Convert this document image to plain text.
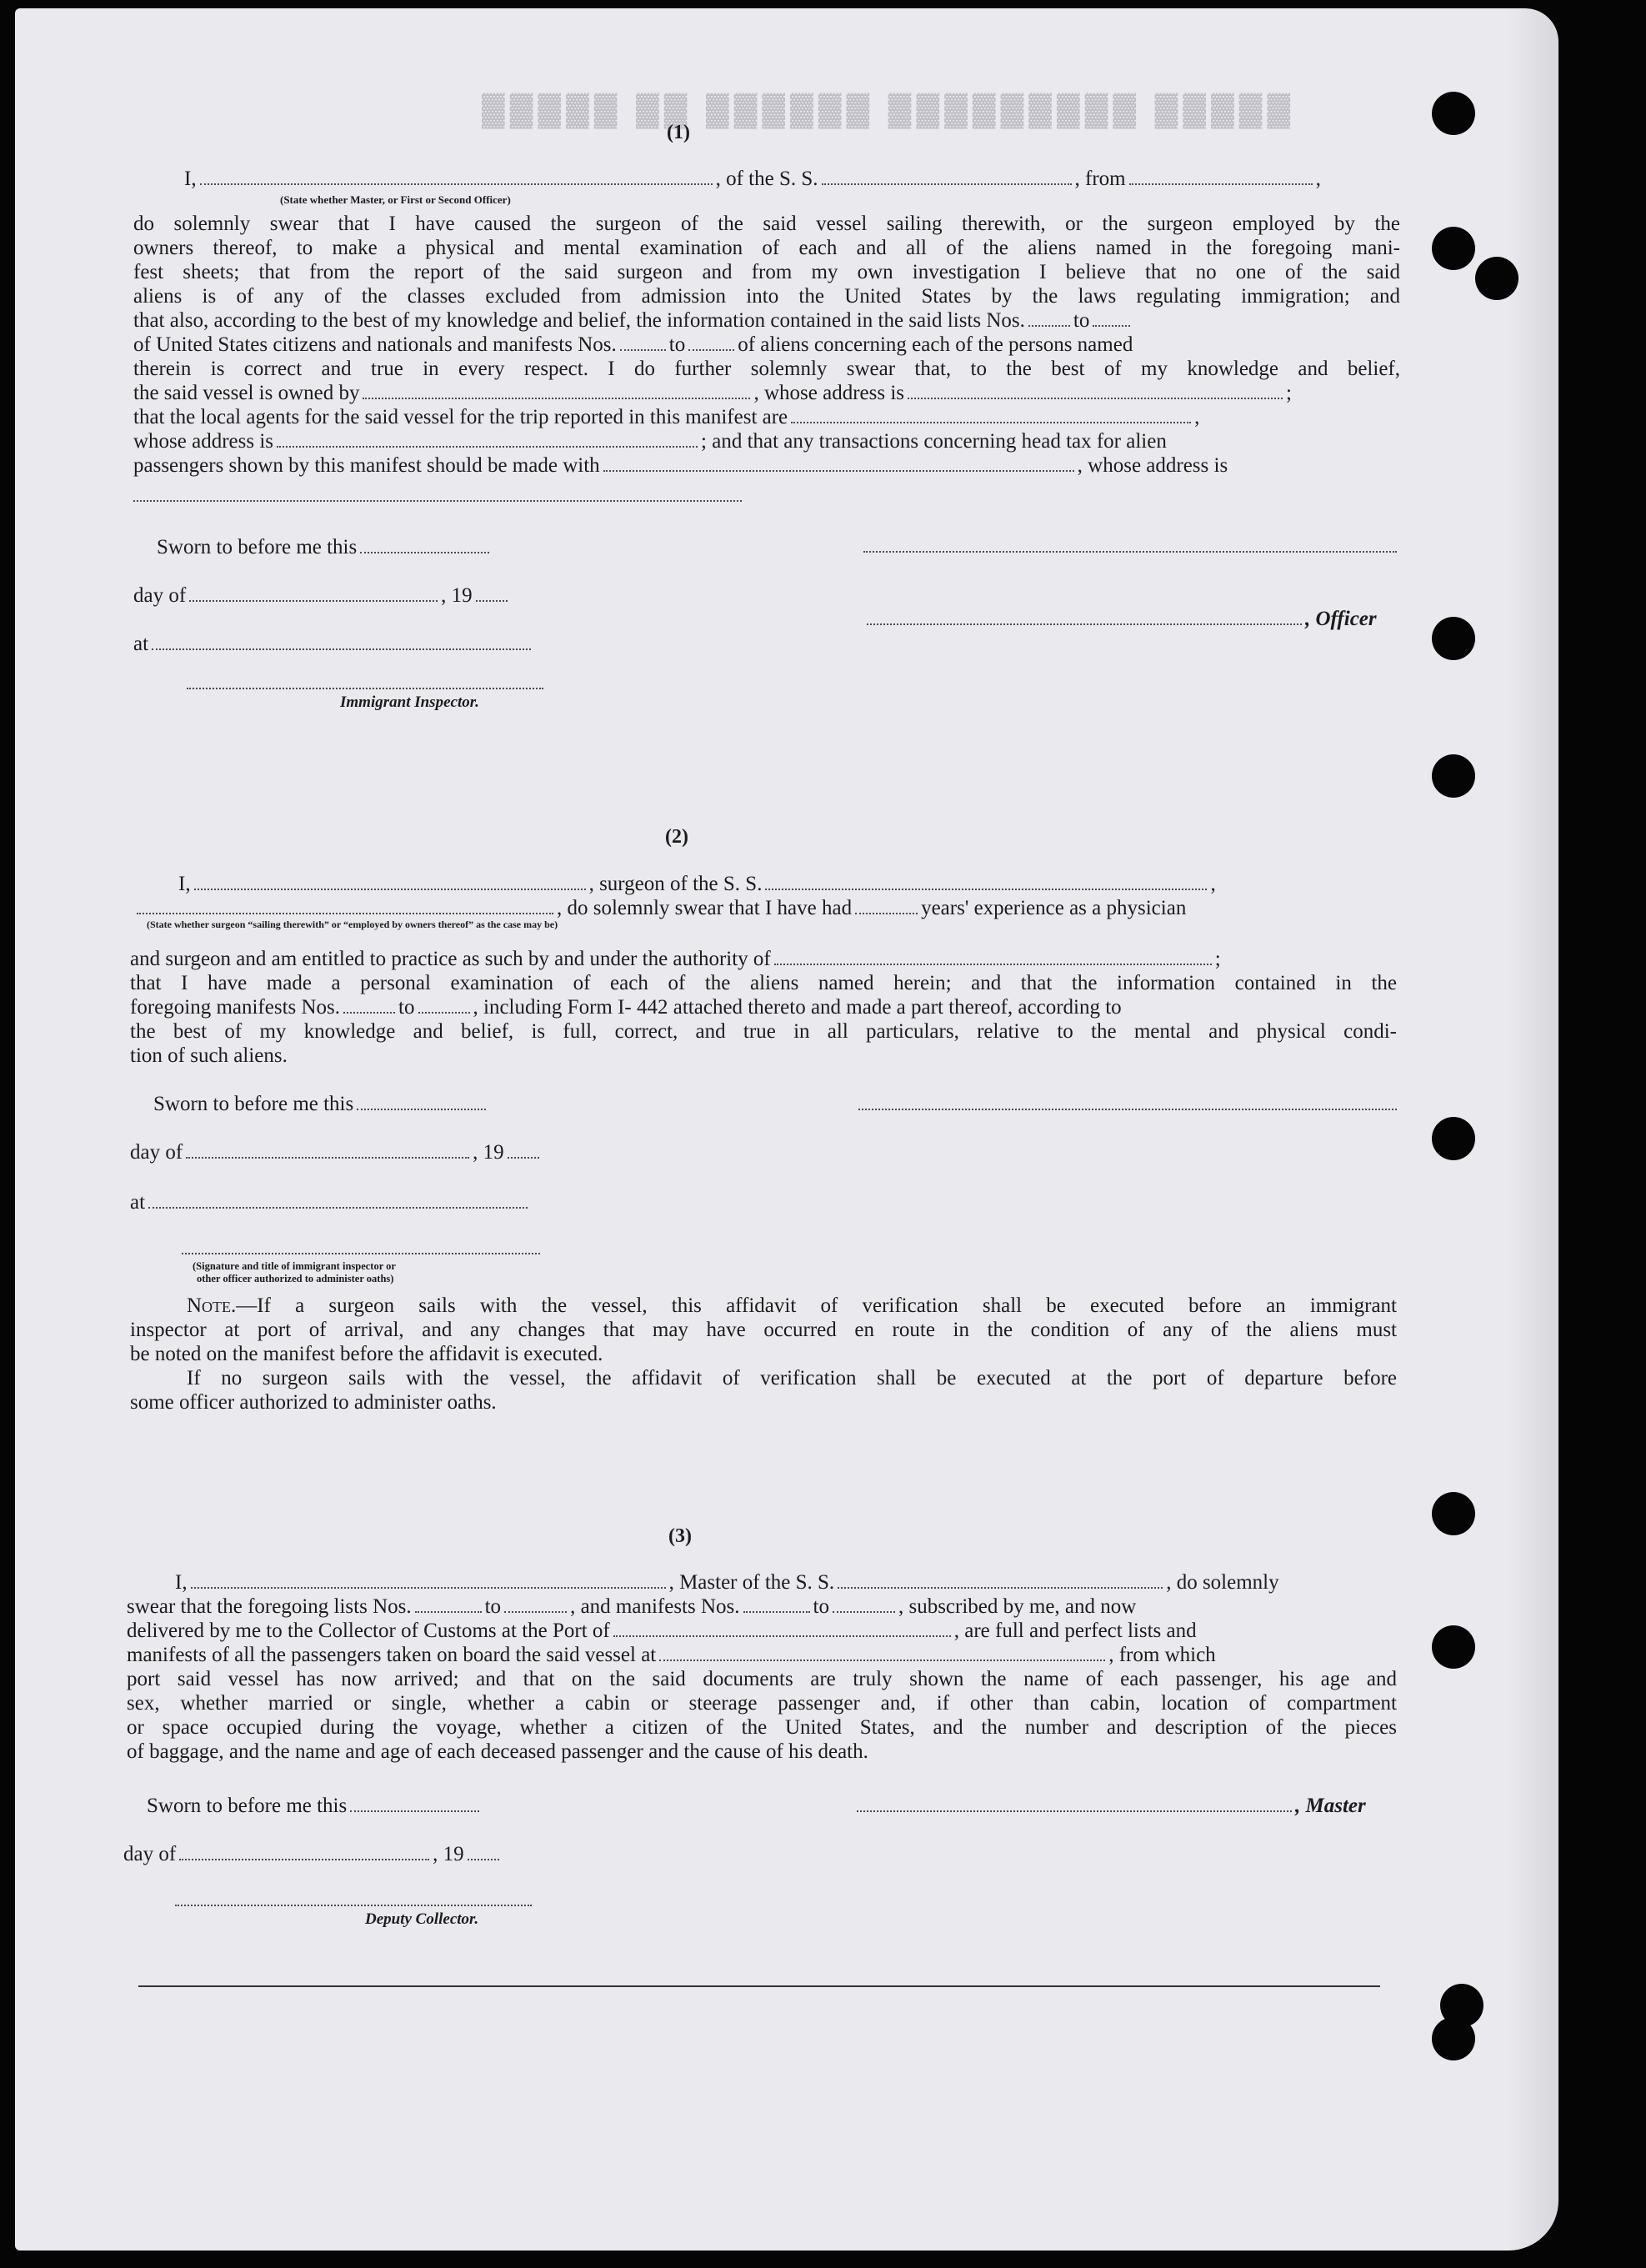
▓▓▓▓▓ ▓▓ ▓▓▓▓▓▓ ▓▓▓▓▓▓▓▓▓ ▓▓▓▓▓
(1)
I,	, of the S. S.	, from	,
(State whether Master, or First or Second Officer)
do solemnly swear that I have caused the surgeon of the said vessel sailing therewith, or the surgeon employed by the
owners thereof, to make a physical and mental examination of each and all of the aliens named in the foregoing mani-
fest sheets; that from the report of the said surgeon and from my own investigation I believe that no one of the said
aliens is of any of the classes excluded from admission into the United States by the laws regulating immigration; and
that also, according to the best of my knowledge and belief, the information contained in the said lists Nos. to
of United States citizens and nationals and manifests Nos.	to	of aliens concerning each of the persons named
therein is correct and true in every respect. I do further solemnly swear that, to the best of my knowledge and belief,
the said vessel is owned by	, whose address is	;
that the local agents for the said vessel for the trip reported in this manifest are	,
whose address is	; and that any transactions concerning head tax for alien
passengers shown by this manifest should be made with	, whose address is
Sworn to before me this
day of	, 19
, Officer
at
Immigrant Inspector.
(2)
I,	, surgeon of the S. S.	,
, do solemnly swear that I have had	years' experience as a physician
(State whether surgeon “sailing therewith” or “employed by owners thereof” as the case may be)
and surgeon and am entitled to practice as such by and under the authority of	;
that I have made a personal examination of each of the aliens named herein; and that the information contained in the
foregoing manifests Nos.	to	, including Form I- 442 attached thereto and made a part thereof, according to
the best of my knowledge and belief, is full, correct, and true in all particulars, relative to the mental and physical condi-
tion of such aliens.
Sworn to before me this
day of	, 19
at
(Signature and title of immigrant inspector or
other officer authorized to administer oaths)
Note.—If a surgeon sails with the vessel, this affidavit of verification shall be executed before an immigrant
inspector at port of arrival, and any changes that may have occurred en route in the condition of any of the aliens must
be noted on the manifest before the affidavit is executed.
If no surgeon sails with the vessel, the affidavit of verification shall be executed at the port of departure before
some officer authorized to administer oaths.
(3)
I,	, Master of the S. S.	, do solemnly
swear that the foregoing lists Nos.	to	, and manifests Nos.	to	, subscribed by me, and now
delivered by me to the Collector of Customs at the Port of	, are full and perfect lists and
manifests of all the passengers taken on board the said vessel at	, from which
port said vessel has now arrived; and that on the said documents are truly shown the name of each passenger, his age and
sex, whether married or single, whether a cabin or steerage passenger and, if other than cabin, location of compartment
or space occupied during the voyage, whether a citizen of the United States, and the number and description of the pieces
of baggage, and the name and age of each deceased passenger and the cause of his death.
Sworn to before me this	, Master
day of	, 19
Deputy Collector.
